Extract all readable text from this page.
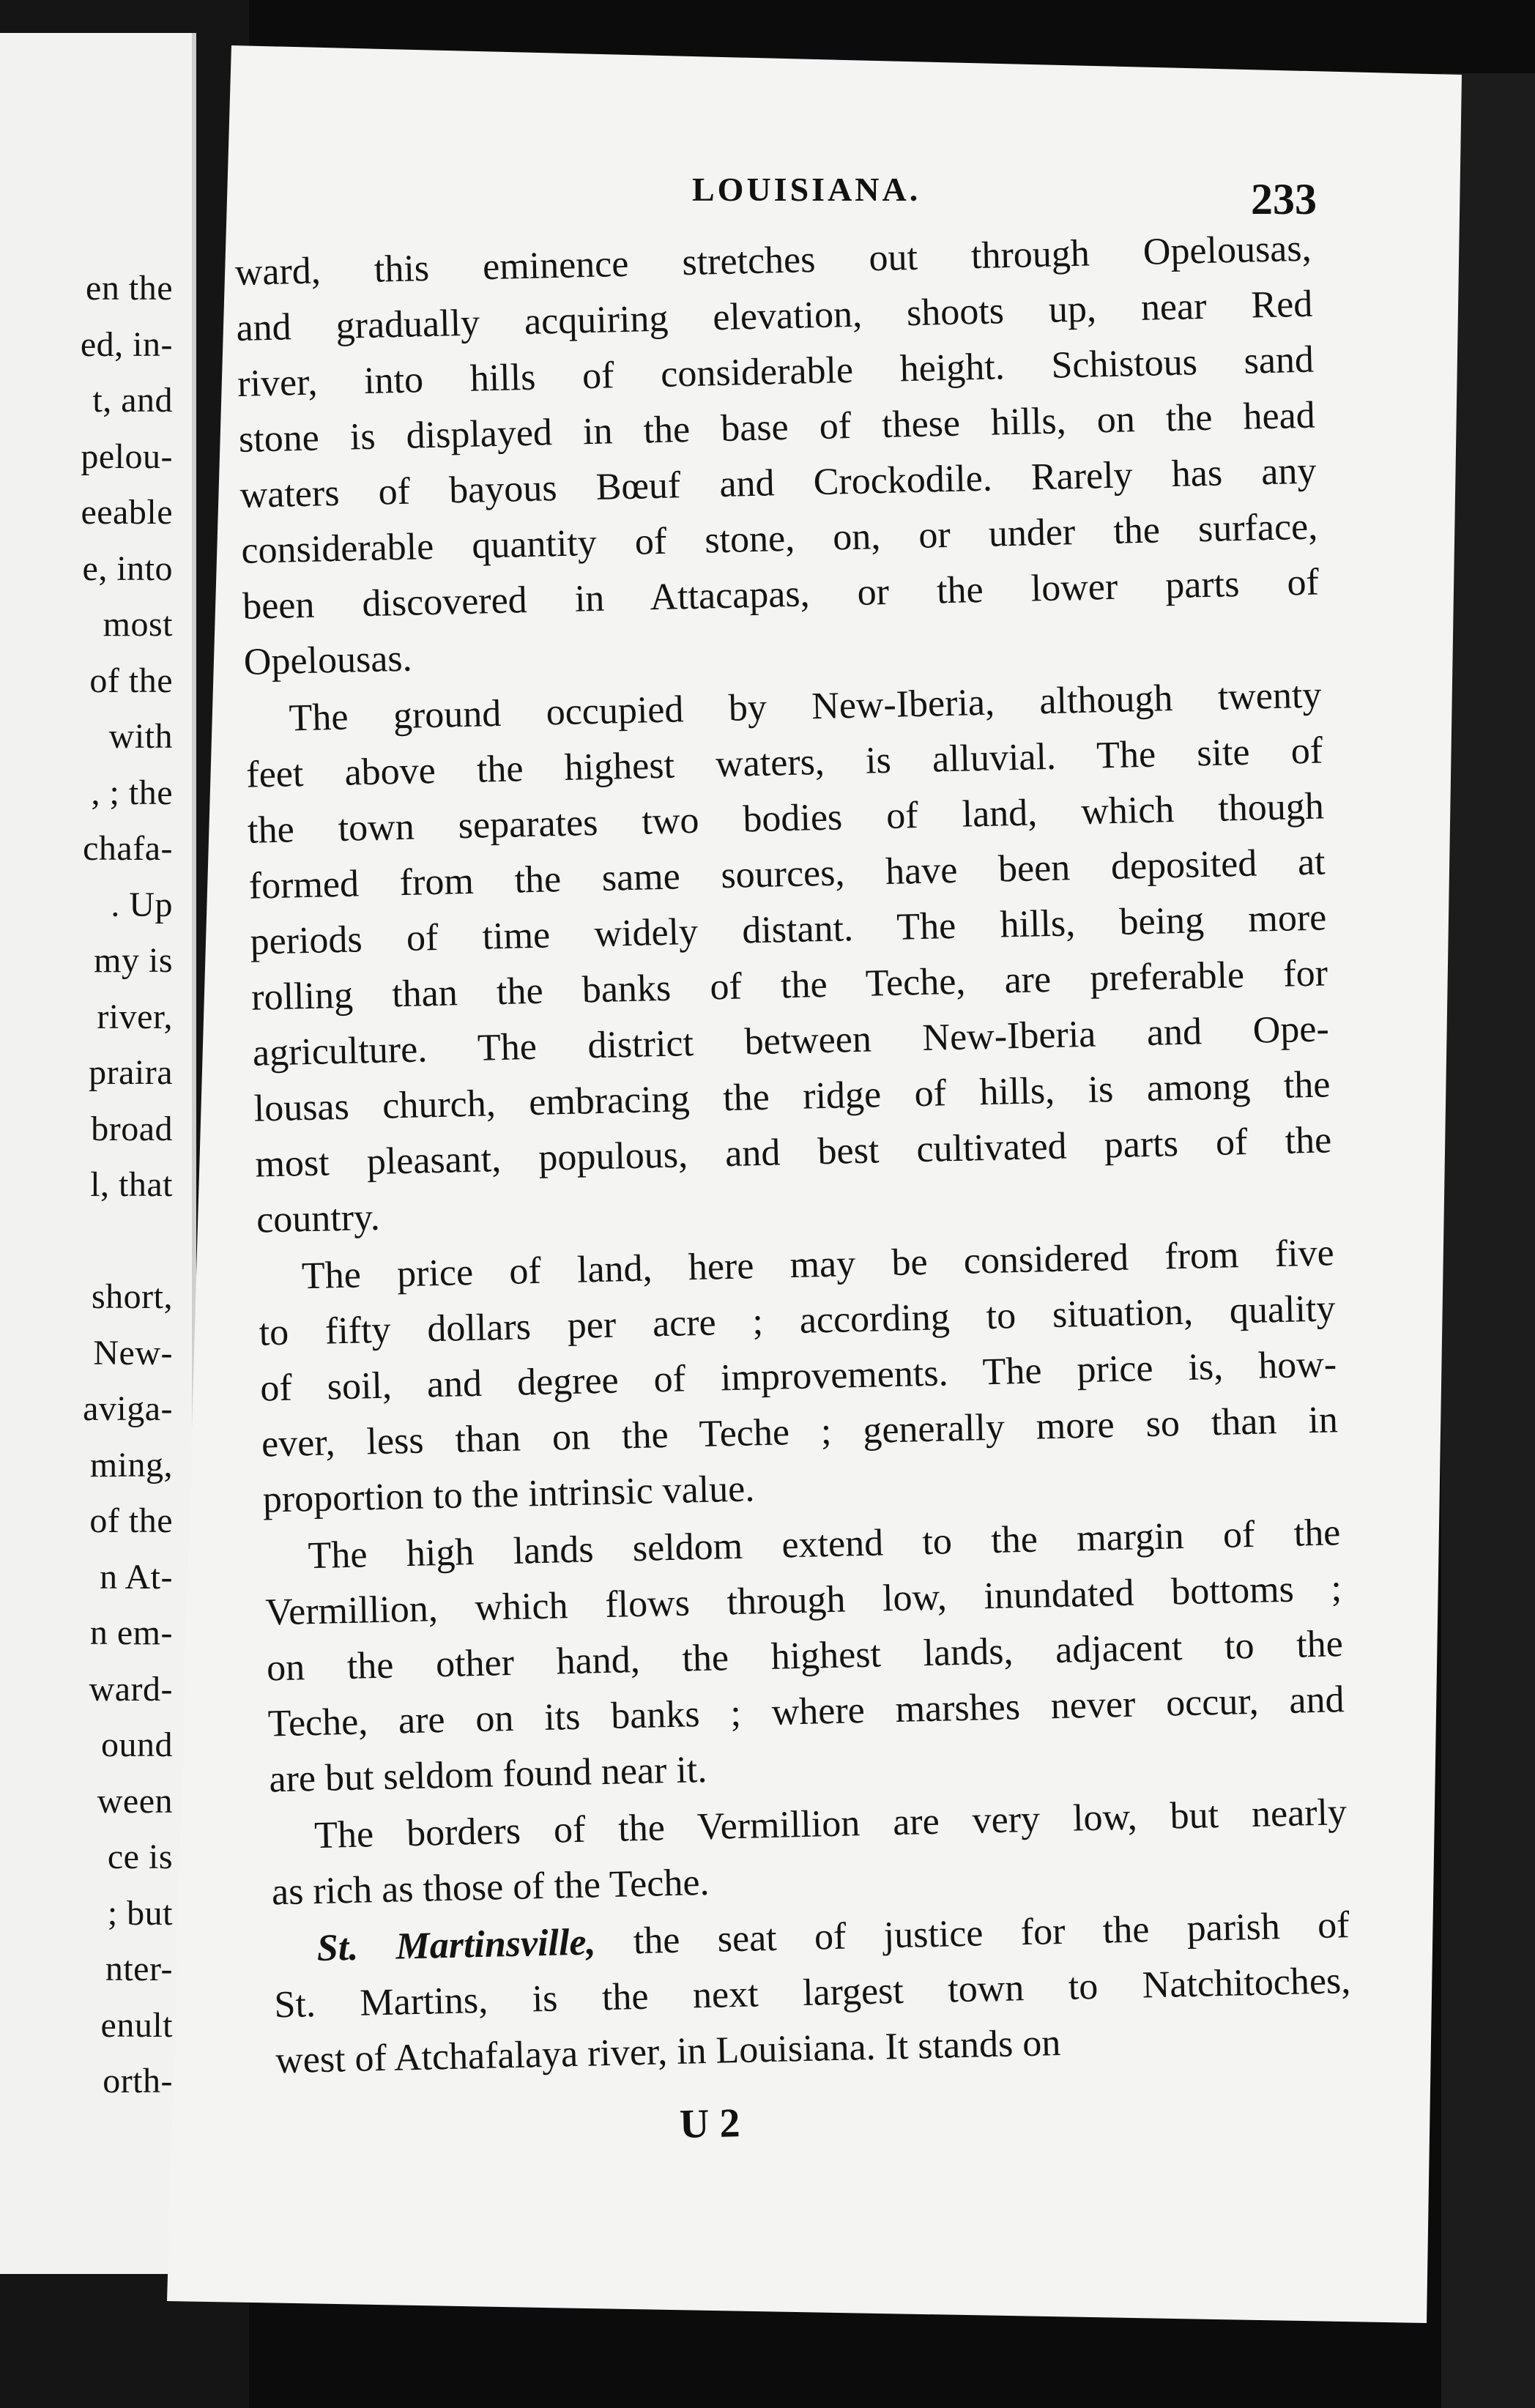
en the
ed, in-
t, and
pelou-
eeable
e, into
most
of the
with
, ; the
chafa-
. Up
my is
river,
praira
broad
l, that
short,
New-
aviga-
ming,
of the
n At-
n em-
ward-
ound
ween
ce is
; but
nter-
enult
orth-
LOUISIANA.	233
ward, this eminence stretches out through Opelousas,
and gradually acquiring elevation, shoots up, near Red
river, into hills of considerable height. Schistous sand
stone is displayed in the base of these hills, on the head
waters of bayous Bœuf and Crockodile. Rarely has any
considerable quantity of stone, on, or under the surface,
been discovered in Attacapas, or the lower parts of
Opelousas.
The ground occupied by New-Iberia, although twenty
feet above the highest waters, is alluvial. The site of
the town separates two bodies of land, which though
formed from the same sources, have been deposited at
periods of time widely distant. The hills, being more
rolling than the banks of the Teche, are preferable for
agriculture. The district between New-Iberia and Ope-
lousas church, embracing the ridge of hills, is among the
most pleasant, populous, and best cultivated parts of the
country.
The price of land, here may be considered from five
to fifty dollars per acre ; according to situation, quality
of soil, and degree of improvements. The price is, how-
ever, less than on the Teche ; generally more so than in
proportion to the intrinsic value.
The high lands seldom extend to the margin of the
Vermillion, which flows through low, inundated bottoms ;
on the other hand, the highest lands, adjacent to the
Teche, are on its banks ; where marshes never occur, and
are but seldom found near it.
The borders of the Vermillion are very low, but nearly
as rich as those of the Teche.
St. Martinsville, the seat of justice for the parish of
St. Martins, is the next largest town to Natchitoches,
west of Atchafalaya river, in Louisiana. It stands on
U 2
